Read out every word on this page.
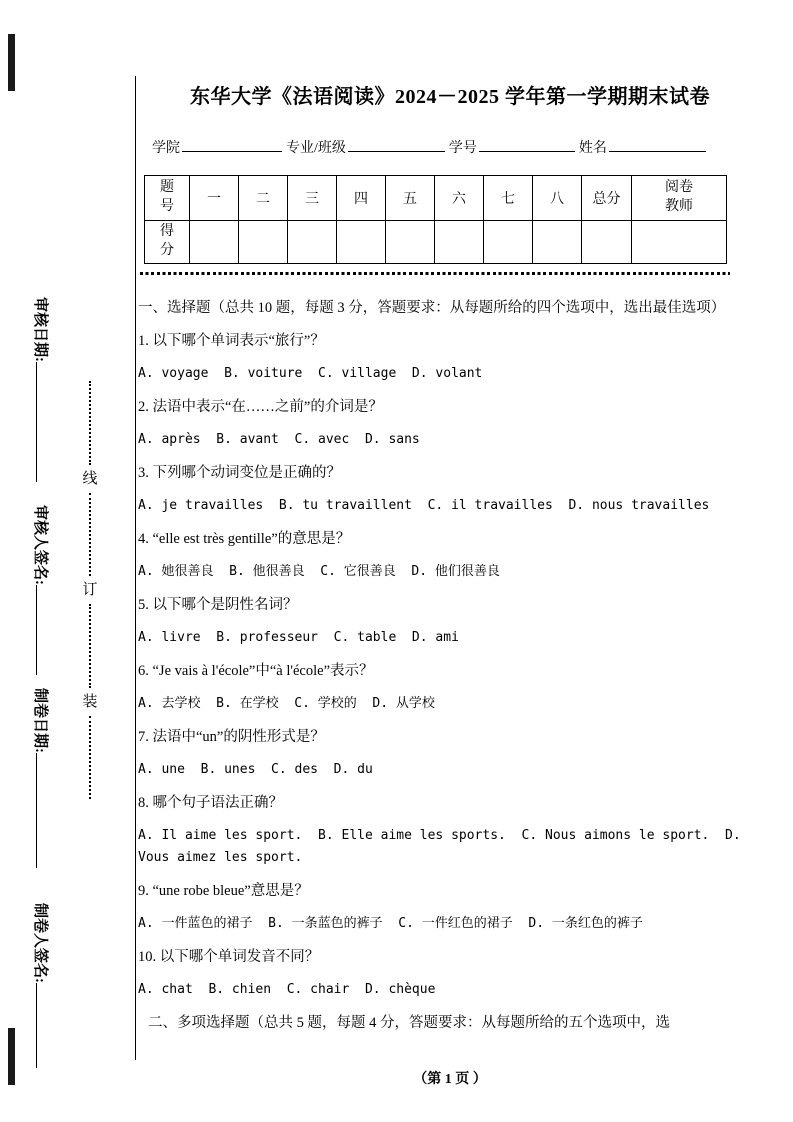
审核日期:
审核人签名:
制卷日期:
制卷人签名:
线
订
装
东华大学《法语阅读》2024－2025 学年第一学期期末试卷
学院	专业/班级	学号	姓名
题号	一	二	三	四	五	六	七	八	总分	阅卷教师

得分										

一、选择题（总共 10 题，每题 3 分，答题要求：从每题所给的四个选项中，选出最佳选项）

1. 以下哪个单词表示“旅行”？

A. voyage  B. voiture  C. village  D. volant

2. 法语中表示“在……之前”的介词是？

A. après  B. avant  C. avec  D. sans

3. 下列哪个动词变位是正确的？

A. je travailles  B. tu travaillent  C. il travailles  D. nous travailles

4. “elle est très gentille”的意思是？

A. 她很善良  B. 他很善良  C. 它很善良  D. 他们很善良

5. 以下哪个是阴性名词？

A. livre  B. professeur  C. table  D. ami

6. “Je vais à l'école”中“à l'école”表示？

A. 去学校  B. 在学校  C. 学校的  D. 从学校

7. 法语中“un”的阴性形式是？

A. une  B. unes  C. des  D. du

8. 哪个句子语法正确？

A. Il aime les sport.  B. Elle aime les sports.  C. Nous aimons le sport.  D. Vous aimez les sport.

9. “une robe bleue”意思是？

A. 一件蓝色的裙子  B. 一条蓝色的裤子  C. 一件红色的裙子  D. 一条红色的裤子

10. 以下哪个单词发音不同？

A. chat  B. chien  C. chair  D. chèque

二、多项选择题（总共 5 题，每题 4 分，答题要求：从每题所给的五个选项中，选

（第 1 页 ）
